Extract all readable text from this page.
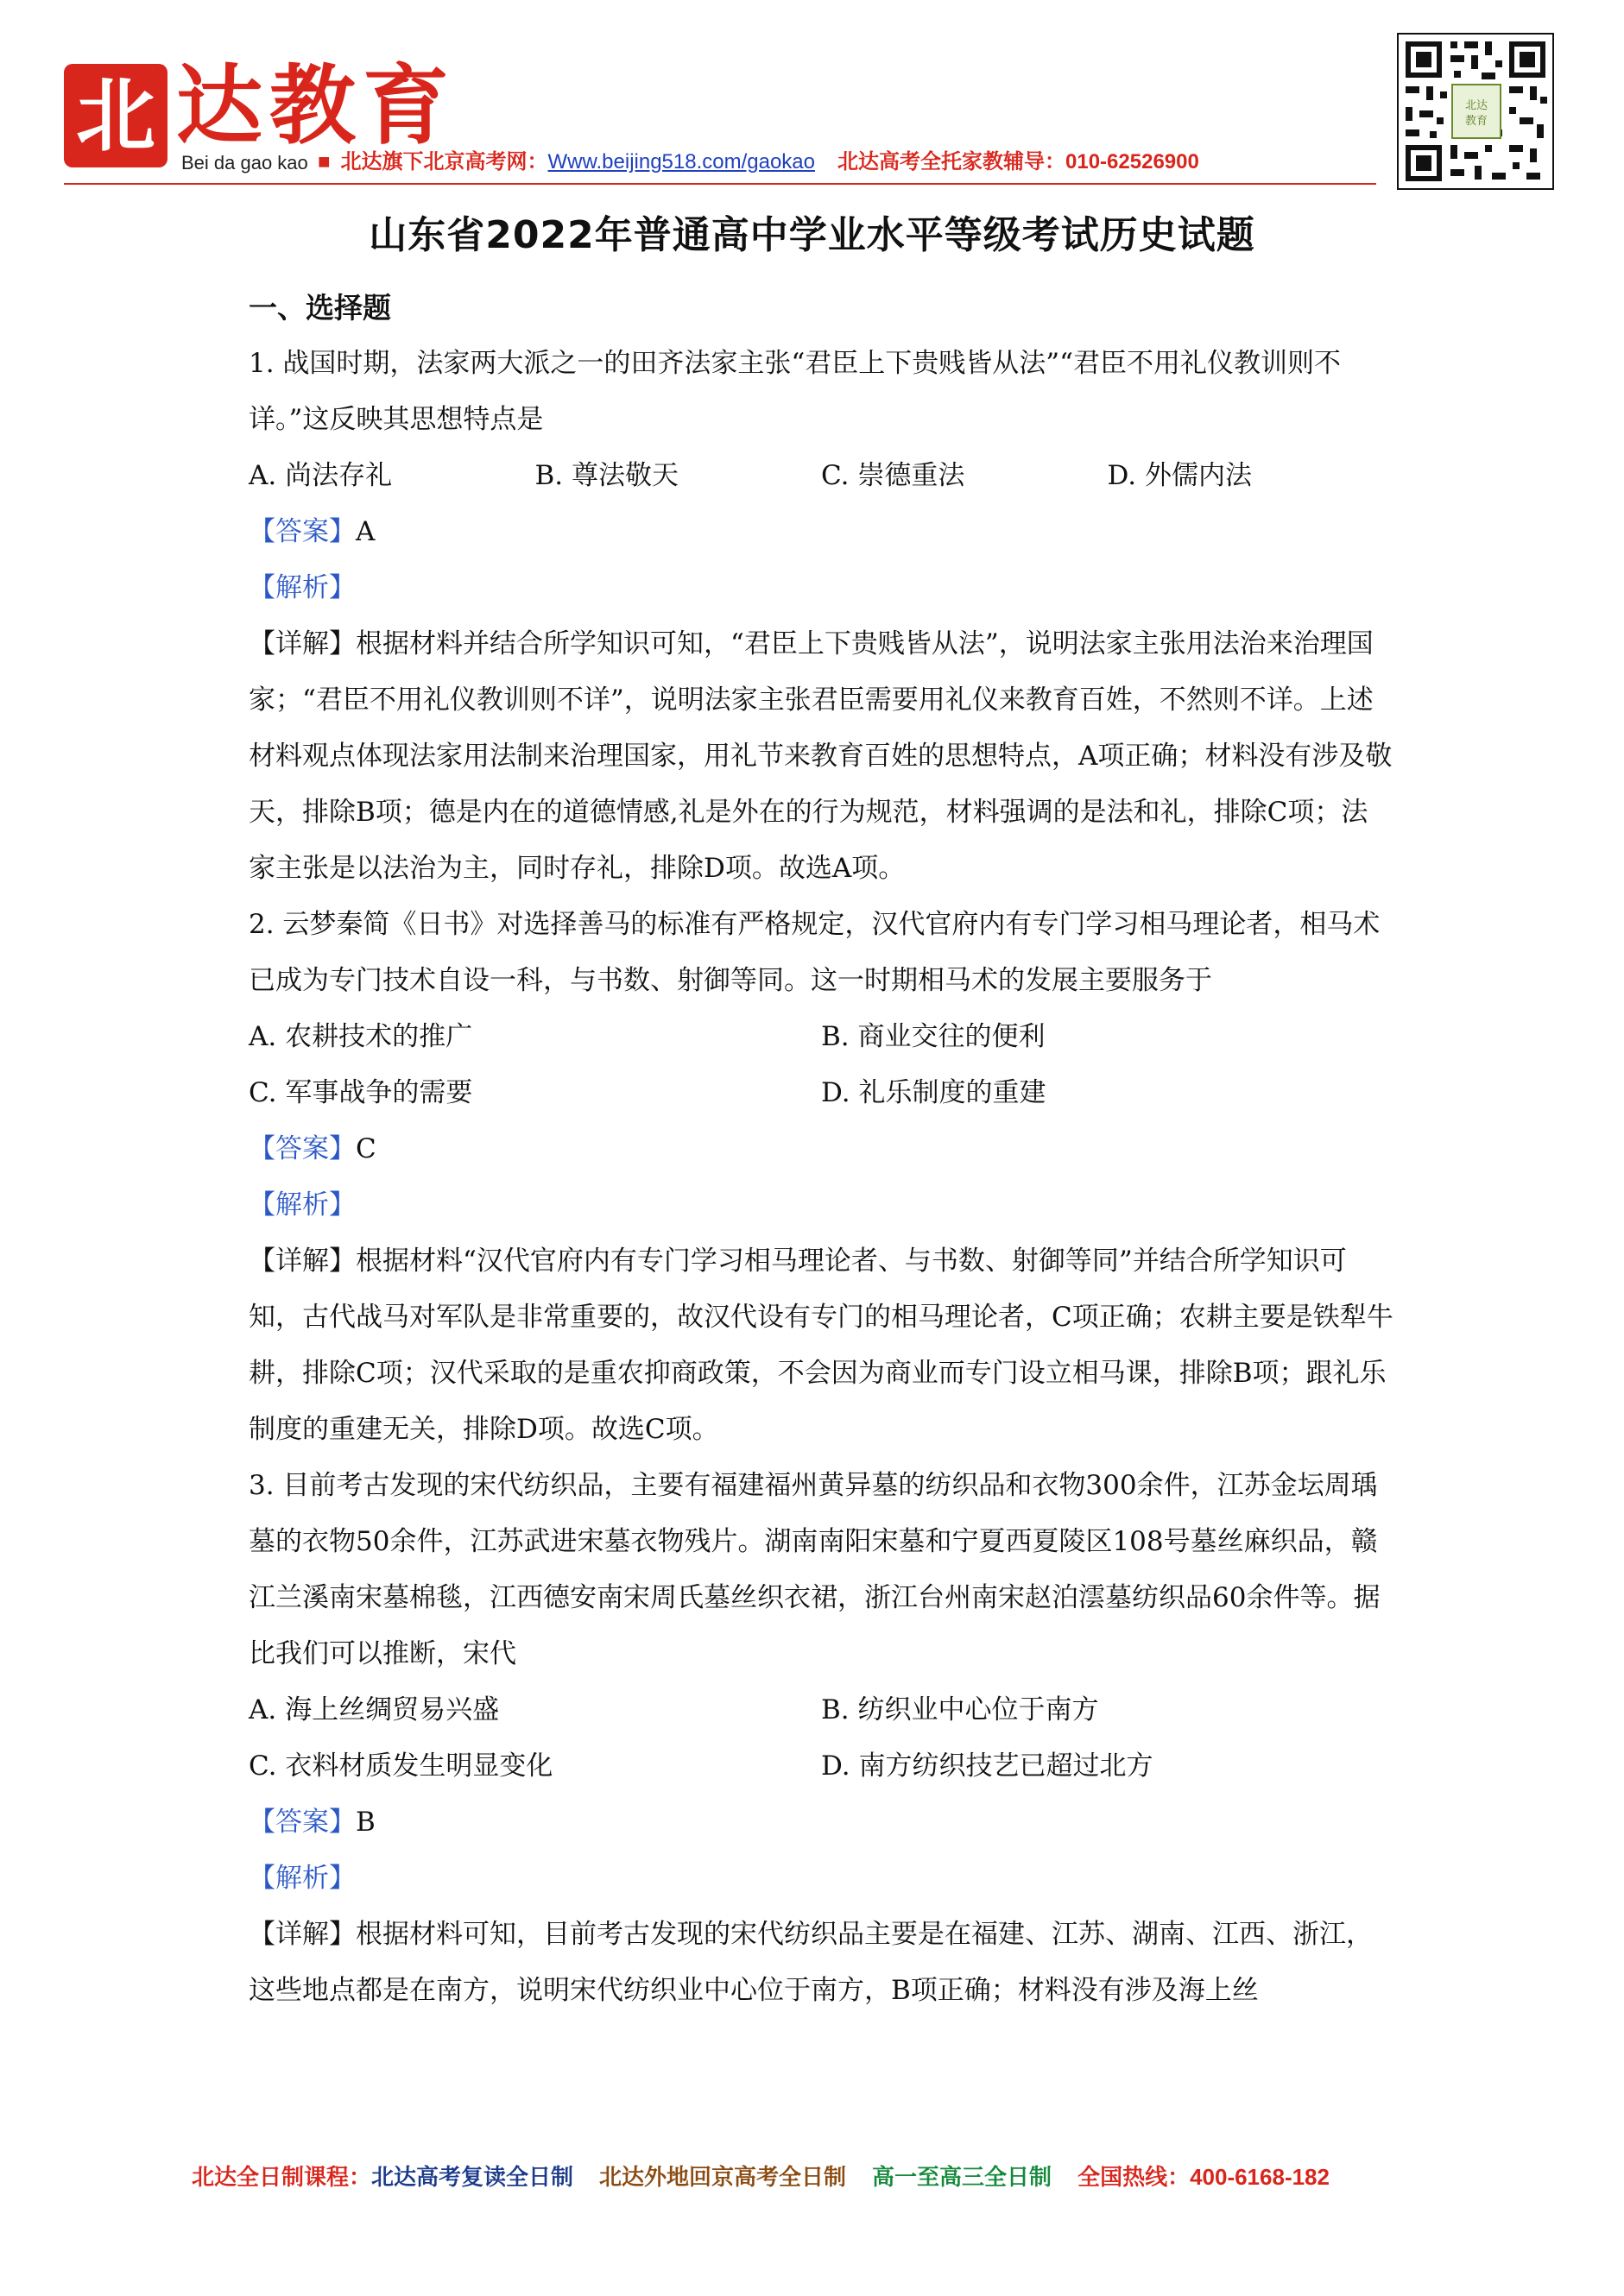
北 达教育
Bei da gao kao ■ 北达旗下北京高考网：Www.beijing518.com/gaokao 北达高考全托家教辅导：010-62526900
北达
教育
山东省2022年普通高中学业水平等级考试历史试题

一、选择题

1. 战国时期，法家两大派之一的田齐法家主张“君臣上下贵贱皆从法”“君臣不用礼仪教训则不详。”这反映其思想特点是

A. 尚法存礼	B. 尊法敬天	C. 崇德重法	D. 外儒内法

【答案】A

【解析】

【详解】根据材料并结合所学知识可知，“君臣上下贵贱皆从法”，说明法家主张用法治来治理国家；“君臣不用礼仪教训则不详”，说明法家主张君臣需要用礼仪来教育百姓，不然则不详。上述材料观点体现法家用法制来治理国家，用礼节来教育百姓的思想特点，A项正确；材料没有涉及敬天，排除B项；德是内在的道德情感,礼是外在的行为规范，材料强调的是法和礼，排除C项；法家主张是以法治为主，同时存礼，排除D项。故选A项。

2. 云梦秦简《日书》对选择善马的标准有严格规定，汉代官府内有专门学习相马理论者，相马术已成为专门技术自设一科，与书数、射御等同。这一时期相马术的发展主要服务于

A. 农耕技术的推广	B. 商业交往的便利
C. 军事战争的需要	D. 礼乐制度的重建

【答案】C

【解析】

【详解】根据材料“汉代官府内有专门学习相马理论者、与书数、射御等同”并结合所学知识可知，古代战马对军队是非常重要的，故汉代设有专门的相马理论者，C项正确；农耕主要是铁犁牛耕，排除C项；汉代采取的是重农抑商政策，不会因为商业而专门设立相马课，排除B项；跟礼乐制度的重建无关，排除D项。故选C项。

3. 目前考古发现的宋代纺织品，主要有福建福州黄异墓的纺织品和衣物300余件，江苏金坛周瑀墓的衣物50余件，江苏武进宋墓衣物残片。湖南南阳宋墓和宁夏西夏陵区108号墓丝麻织品，赣江兰溪南宋墓棉毯，江西德安南宋周氏墓丝织衣裙，浙江台州南宋赵泊澐墓纺织品60余件等。据比我们可以推断，宋代

A. 海上丝绸贸易兴盛	B. 纺织业中心位于南方
C. 衣料材质发生明显变化	D. 南方纺织技艺已超过北方

【答案】B

【解析】

【详解】根据材料可知，目前考古发现的宋代纺织品主要是在福建、江苏、湖南、江西、浙江，这些地点都是在南方，说明宋代纺织业中心位于南方，B项正确；材料没有涉及海上丝

北达全日制课程：北达高考复读全日制 北达外地回京高考全日制 高一至高三全日制 全国热线：400-6168-182
